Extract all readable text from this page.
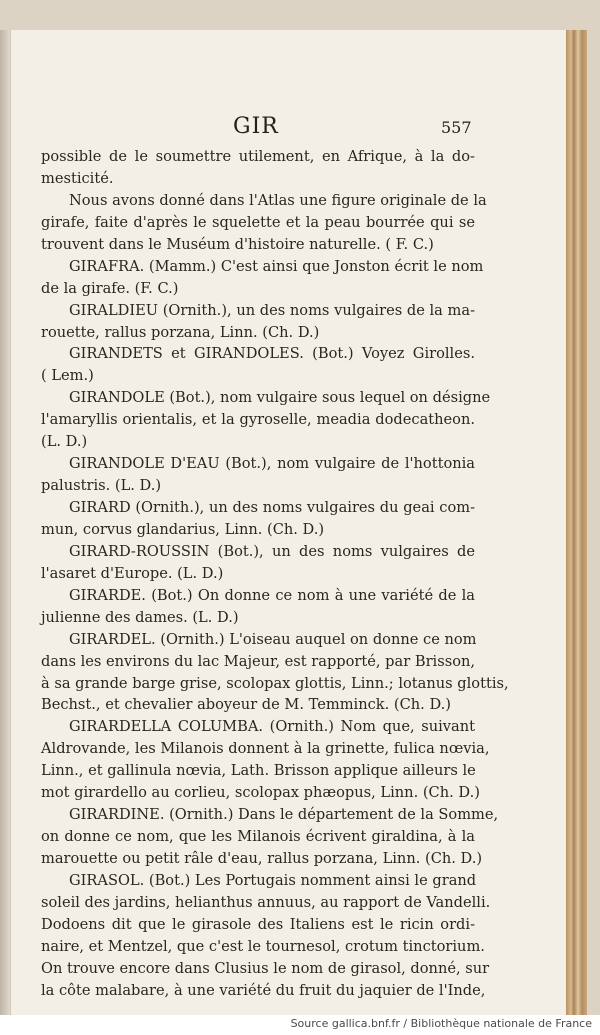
GIR	557
possible de le soumettre utilement, en Afrique, à la do-
mesticité.
Nous avons donné dans l'Atlas une figure originale de la
girafe, faite d'après le squelette et la peau bourrée qui se
trouvent dans le Muséum d'histoire naturelle. ( F. C.)
GIRAFRA. (Mamm.) C'est ainsi que Jonston écrit le nom
de la girafe. (F. C.)
GIRALDIEU (Ornith.), un des noms vulgaires de la ma-
rouette, rallus porzana, Linn. (Ch. D.)
GIRANDETS et GIRANDOLES. (Bot.) Voyez Girolles.
( Lem.)
GIRANDOLE (Bot.), nom vulgaire sous lequel on désigne
l'amaryllis orientalis, et la gyroselle, meadia dodecatheon.
(L. D.)
GIRANDOLE D'EAU (Bot.), nom vulgaire de l'hottonia
palustris. (L. D.)
GIRARD (Ornith.), un des noms vulgaires du geai com-
mun, corvus glandarius, Linn. (Ch. D.)
GIRARD-ROUSSIN (Bot.), un des noms vulgaires de
l'asaret d'Europe. (L. D.)
GIRARDE. (Bot.) On donne ce nom à une variété de la
julienne des dames. (L. D.)
GIRARDEL. (Ornith.) L'oiseau auquel on donne ce nom
dans les environs du lac Majeur, est rapporté, par Brisson,
à sa grande barge grise, scolopax glottis, Linn.; lotanus glottis,
Bechst., et chevalier aboyeur de M. Temminck. (Ch. D.)
GIRARDELLA COLUMBA. (Ornith.) Nom que, suivant
Aldrovande, les Milanois donnent à la grinette, fulica nœvia,
Linn., et gallinula nœvia, Lath. Brisson applique ailleurs le
mot girardello au corlieu, scolopax phæopus, Linn. (Ch. D.)
GIRARDINE. (Ornith.) Dans le département de la Somme,
on donne ce nom, que les Milanois écrivent giraldina, à la
marouette ou petit râle d'eau, rallus porzana, Linn. (Ch. D.)
GIRASOL. (Bot.) Les Portugais nomment ainsi le grand
soleil des jardins, helianthus annuus, au rapport de Vandelli.
Dodoens dit que le girasole des Italiens est le ricin ordi-
naire, et Mentzel, que c'est le tournesol, crotum tinctorium.
On trouve encore dans Clusius le nom de girasol, donné, sur
la côte malabare, à une variété du fruit du jaquier de l'Inde,
Source gallica.bnf.fr / Bibliothèque nationale de France
